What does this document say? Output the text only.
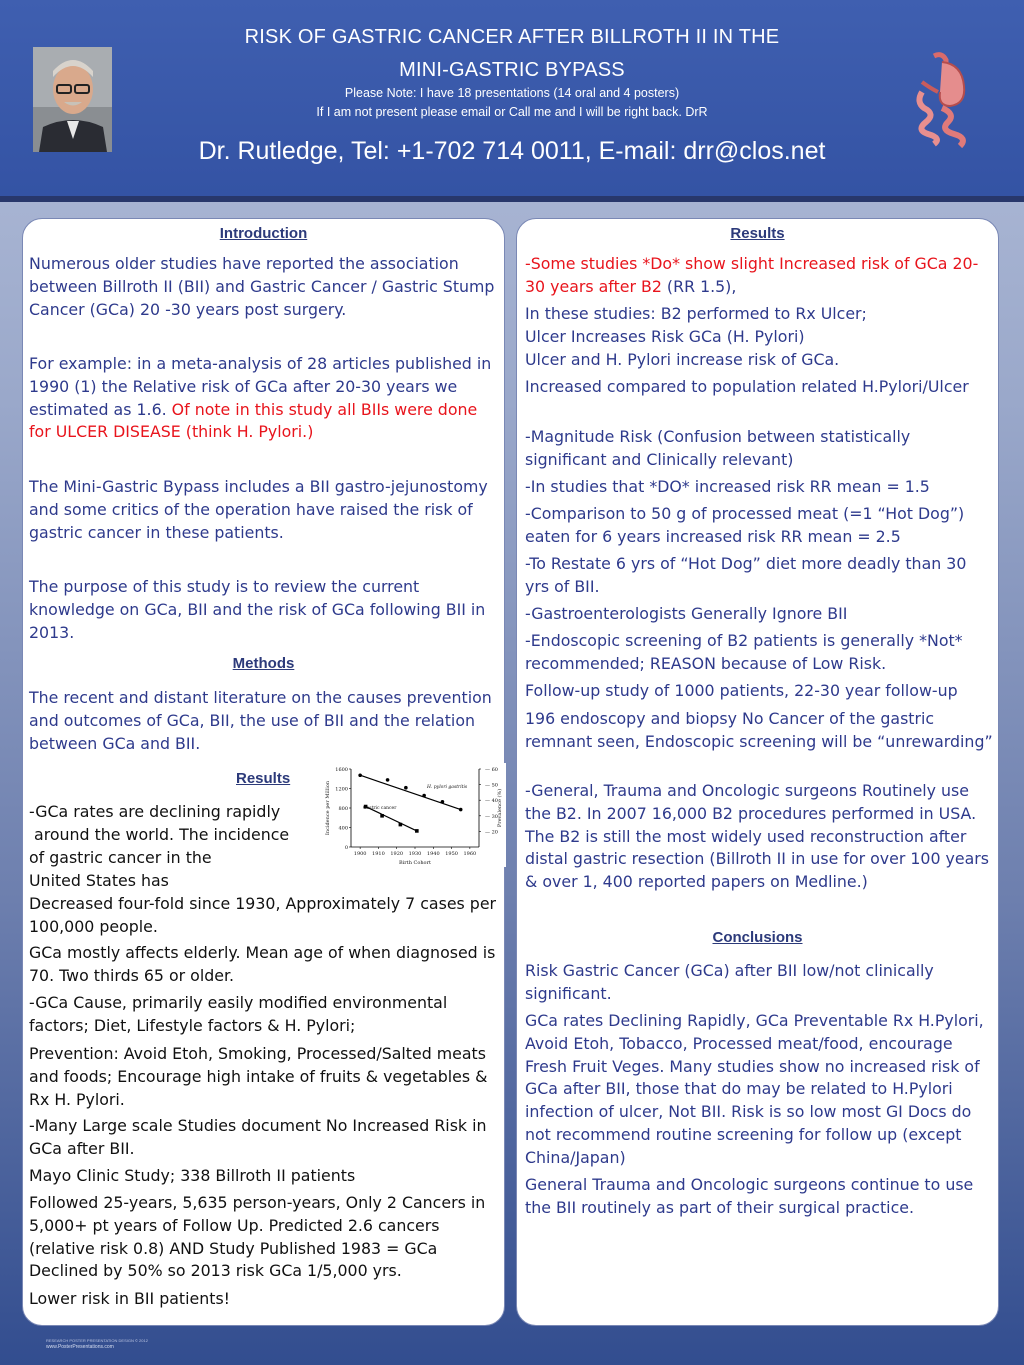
RISK OF GASTRIC CANCER AFTER BILLROTH II IN THE
MINI-GASTRIC BYPASS
Please Note: I have 18 presentations (14 oral and 4 posters)
If I am not present please email or Call me and I will be right back. DrR
Dr. Rutledge, Tel: +1-702 714 0011, E-mail: drr@clos.net
Introduction

Numerous older studies have reported the association between Billroth II (BII) and Gastric Cancer / Gastric Stump Cancer (GCa) 20 -30 years post surgery.

For example: in a meta-analysis of 28 articles published in 1990 (1) the Relative risk of GCa after 20-30 years we estimated as 1.6. Of note in this study all BIIs were done for ULCER DISEASE (think H. Pylori.)

The Mini-Gastric Bypass includes a BII gastro-jejunostomy and some critics of the operation have raised the risk of gastric cancer in these patients.

The purpose of this study is to review the current knowledge on GCa, BII and the risk of GCa following BII in 2013.

Methods

The recent and distant literature on the causes prevention and outcomes of GCa, BII, the use of BII and the relation between GCa and BII.

Results	1600
1200
800
400
0
— 60
— 50
— 40
— 30
— 20
1900 1910 1920 1930 1940 1950 1960
Birth Cohort
Incidence per Million	Prevalence (%)
H. pylori gastritis
Gastric cancer

-GCa rates are declining rapidly

around the world. The incidence

of gastric cancer in the

United States has

Decreased four-fold since 1930, Approximately 7 cases per 100,000 people.

GCa mostly affects elderly. Mean age of when diagnosed is 70. Two thirds 65 or older.

-GCa Cause, primarily easily modified environmental factors; Diet, Lifestyle factors & H. Pylori;

Prevention: Avoid Etoh, Smoking, Processed/Salted meats and foods; Encourage high intake of fruits & vegetables & Rx H. Pylori.

-Many Large scale Studies document No Increased Risk in GCa after BII.

Mayo Clinic Study; 338 Billroth II patients

Followed 25-years, 5,635 person-years, Only 2 Cancers in 5,000+ pt years of Follow Up. Predicted 2.6 cancers (relative risk 0.8) AND Study Published 1983 = GCa Declined by 50% so 2013 risk GCa 1/5,000 yrs.

Lower risk in BII patients!

Results

-Some studies *Do* show slight Increased risk of GCa 20-30 years after B2 (RR 1.5),

In these studies: B2 performed to Rx Ulcer;

Ulcer Increases Risk GCa (H. Pylori)

Ulcer and H. Pylori increase risk of GCa.

Increased compared to population related H.Pylori/Ulcer

-Magnitude Risk (Confusion between statistically significant and Clinically relevant)

-In studies that *DO* increased risk RR mean = 1.5

-Comparison to 50 g of processed meat (=1 “Hot Dog”) eaten for 6 years increased risk RR mean = 2.5

-To Restate 6 yrs of “Hot Dog” diet more deadly than 30 yrs of BII.

-Gastroenterologists Generally Ignore BII

-Endoscopic screening of B2 patients is generally *Not* recommended; REASON because of Low Risk.

Follow-up study of 1000 patients, 22-30 year follow-up

196 endoscopy and biopsy No Cancer of the gastric remnant seen, Endoscopic screening will be “unrewarding”

-General, Trauma and Oncologic surgeons Routinely use the B2. In 2007 16,000 B2 procedures performed in USA. The B2 is still the most widely used reconstruction after distal gastric resection (Billroth II in use for over 100 years & over 1, 400 reported papers on Medline.)

Conclusions

Risk Gastric Cancer (GCa) after BII low/not clinically significant.

GCa rates Declining Rapidly, GCa Preventable Rx H.Pylori, Avoid Etoh, Tobacco, Processed meat/food, encourage Fresh Fruit Veges. Many studies show no increased risk of GCa after BII, those that do may be related to H.Pylori infection of ulcer, Not BII. Risk is so low most GI Docs do not recommend routine screening for follow up (except China/Japan)

General Trauma and Oncologic surgeons continue to use the BII routinely as part of their surgical practice.

RESEARCH POSTER PRESENTATION DESIGN © 2012
www.PosterPresentations.com
